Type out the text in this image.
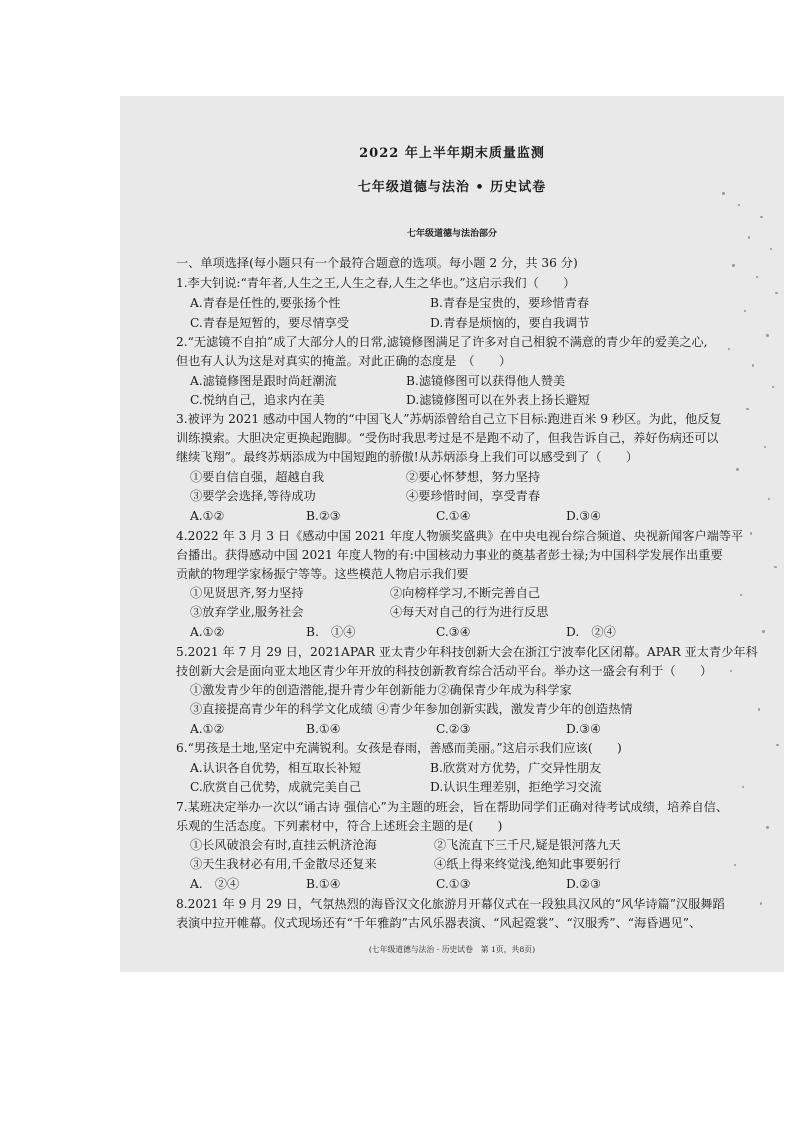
2022 年上半年期末质量监测
七年级道德与法治 • 历史试卷
七年级道德与法治部分
一、单项选择(每小题只有一个最符合题意的选项。每小题 2 分，共 36 分)
1.李大钊说:“青年者,人生之王,人生之春,人生之华也。”这启示我们（　　）
A.青春是任性的,要张扬个性	B.青春是宝贵的，要珍惜青春
C.青春是短暂的，要尽情享受	D.青春是烦恼的，要自我调节
2.“无滤镜不自拍”成了大部分人的日常,滤镜修图满足了许多对自己相貌不满意的青少年的爱美之心,
但也有人认为这是对真实的掩盖。对此正确的态度是　（　　）
A.滤镜修图是跟时尚赶潮流	B.滤镜修图可以获得他人赞美
C.悦纳自己，追求内在美	D.滤镜修图可以在外表上扬长避短
3.被评为 2021 感动中国人物的“中国飞人”苏炳添曾给自己立下目标:跑进百米 9 秒区。为此，他反复
训练摸索。大胆决定更换起跑脚。“受伤时我思考过是不是跑不动了，但我告诉自己，养好伤病还可以
继续飞翔”。最终苏炳添成为中国短跑的骄傲!从苏炳添身上我们可以感受到了（　　）
①要自信自强，超越自我	②要心怀梦想，努力坚持
③要学会选择,等待成功	④要珍惜时间，享受青春
A.①②	B.②③	C.①④	D.③④
4.2022 年 3 月 3 日《感动中国 2021 年度人物颁奖盛典》在中央电视台综合频道、央视新闻客户端等平
台播出。获得感动中国 2021 年度人物的有:中国核动力事业的奠基者彭士禄;为中国科学发展作出重要
贡献的物理学家杨振宁等等。这些模范人物启示我们要
①见贤思齐,努力坚持	②向榜样学习,不断完善自己
③放弃学业,服务社会	④每天对自己的行为进行反思
A.①②	B.　①④	C.③④	D.　②④
5.2021 年 7 月 29 日，2021APAR 亚太青少年科技创新大会在浙江宁波奉化区闭幕。APAR 亚太青少年科
技创新大会是面向亚太地区青少年开放的科技创新教育综合活动平台。举办这一盛会有利于（　　）
①激发青少年的创造潜能,提升青少年创新能力②确保青少年成为科学家
③直接提高青少年的科学文化成绩 ④青少年参加创新实践，激发青少年的创造热情
A.①②	B.①④	C.②③	D.③④
6.“男孩是土地,坚定中充满锐利。女孩是春雨，善感而美丽。”这启示我们应该(　　)
A.认识各自优势，相互取长补短	B.欣赏对方优势，广交异性朋友
C.欣赏自己优势，成就完美自己	D.认识生理差别，拒绝学习交流
7.某班决定举办一次以“诵古诗 强信心”为主题的班会，旨在帮助同学们正确对待考试成绩，培养自信、
乐观的生活态度。下列素材中，符合上述班会主题的是(　　)
①长风破浪会有时,直挂云帆济沧海	②飞流直下三千尺,疑是银河落九天
③天生我材必有用,千金散尽还复来	④纸上得来终觉浅,绝知此事要躬行
A.　②④	B.①④	C.①③	D.②③
8.2021 年 9 月 29 日，气氛热烈的海昏汉文化旅游月开幕仪式在一段独具汉风的“风华诗篇”汉服舞蹈
表演中拉开帷幕。仪式现场还有“千年雅韵”古风乐器表演、“风起霓裳”、“汉服秀”、“海昏遇见”、
(七年级道德与法治 · 历史试卷　第 1页，共8页)
